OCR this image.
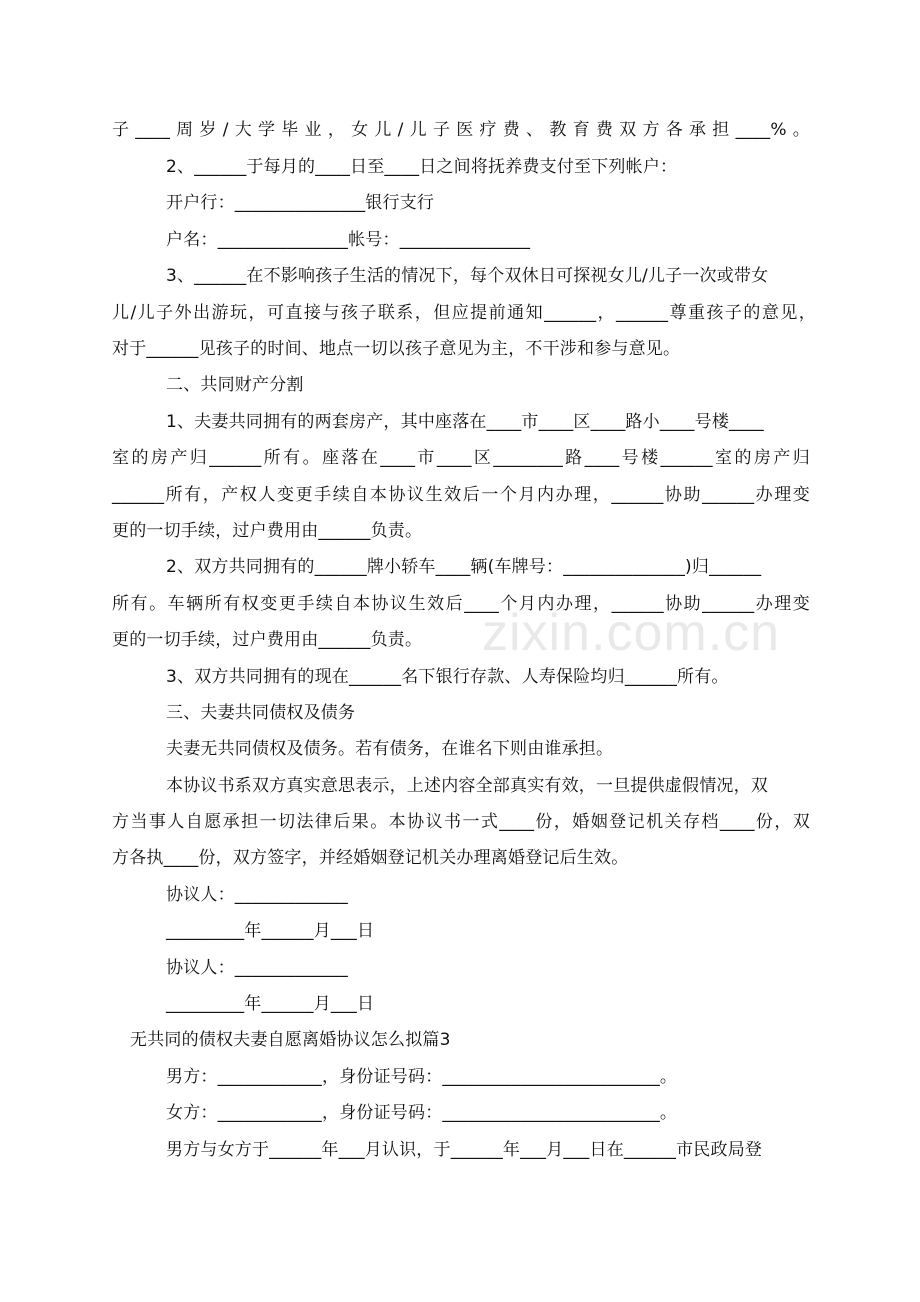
zixin.com.cn
子____周岁/大学毕业，女儿/儿子医疗费、教育费双方各承担____%。
2、______于每月的____日至____日之间将抚养费支付至下列帐户：
开户行：_______________银行支行
户名：_______________帐号：_______________
3、______在不影响孩子生活的情况下，每个双休日可探视女儿/儿子一次或带女
儿/儿子外出游玩，可直接与孩子联系，但应提前通知______，______尊重孩子的意见，
对于______见孩子的时间、地点一切以孩子意见为主，不干涉和参与意见。
二、共同财产分割
1、夫妻共同拥有的两套房产，其中座落在____市____区____路小____号楼____
室的房产归______所有。座落在____市____区________路____号楼______室的房产归
______所有，产权人变更手续自本协议生效后一个月内办理，______协助______办理变
更的一切手续，过户费用由______负责。
2、双方共同拥有的______牌小轿车____辆(车牌号：______________)归______
所有。车辆所有权变更手续自本协议生效后____个月内办理，______协助______办理变
更的一切手续，过户费用由______负责。
3、双方共同拥有的现在______名下银行存款、人寿保险均归______所有。
三、夫妻共同债权及债务
夫妻无共同债权及债务。若有债务，在谁名下则由谁承担。
本协议书系双方真实意思表示，上述内容全部真实有效，一旦提供虚假情况，双
方当事人自愿承担一切法律后果。本协议书一式____份，婚姻登记机关存档____份，双
方各执____份，双方签字，并经婚姻登记机关办理离婚登记后生效。
协议人：_____________
_________年______月___日
协议人：_____________
_________年______月___日
无共同的债权夫妻自愿离婚协议怎么拟篇3
男方：____________，身份证号码：_________________________。
女方：____________，身份证号码：_________________________。
男方与女方于______年___月认识，于______年___月___日在______市民政局登
